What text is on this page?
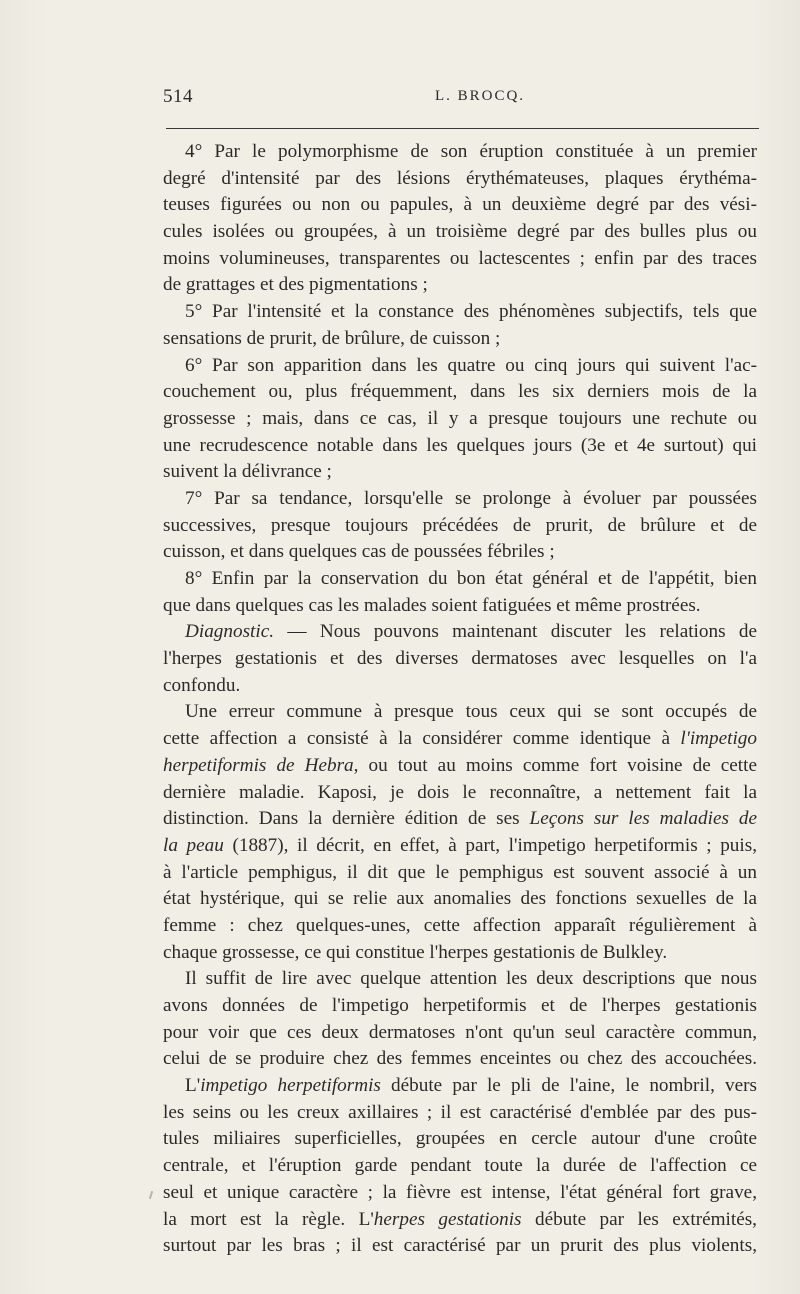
514	L. BROCQ.
4° Par le polymorphisme de son éruption constituée à un premier
degré d'intensité par des lésions érythémateuses, plaques érythéma-
teuses figurées ou non ou papules, à un deuxième degré par des vési-
cules isolées ou groupées, à un troisième degré par des bulles plus ou
moins volumineuses, transparentes ou lactescentes ; enfin par des traces
de grattages et des pigmentations ;
5° Par l'intensité et la constance des phénomènes subjectifs, tels que
sensations de prurit, de brûlure, de cuisson ;
6° Par son apparition dans les quatre ou cinq jours qui suivent l'ac-
couchement ou, plus fréquemment, dans les six derniers mois de la
grossesse ; mais, dans ce cas, il y a presque toujours une rechute ou
une recrudescence notable dans les quelques jours (3e et 4e surtout) qui
suivent la délivrance ;
7° Par sa tendance, lorsqu'elle se prolonge à évoluer par poussées
successives, presque toujours précédées de prurit, de brûlure et de
cuisson, et dans quelques cas de poussées fébriles ;
8° Enfin par la conservation du bon état général et de l'appétit, bien
que dans quelques cas les malades soient fatiguées et même prostrées.
Diagnostic. — Nous pouvons maintenant discuter les relations de
l'herpes gestationis et des diverses dermatoses avec lesquelles on l'a
confondu.
Une erreur commune à presque tous ceux qui se sont occupés de
cette affection a consisté à la considérer comme identique à l'impetigo
herpetiformis de Hebra, ou tout au moins comme fort voisine de cette
dernière maladie. Kaposi, je dois le reconnaître, a nettement fait la
distinction. Dans la dernière édition de ses Leçons sur les maladies de
la peau (1887), il décrit, en effet, à part, l'impetigo herpetiformis ; puis,
à l'article pemphigus, il dit que le pemphigus est souvent associé à un
état hystérique, qui se relie aux anomalies des fonctions sexuelles de la
femme : chez quelques-unes, cette affection apparaît régulièrement à
chaque grossesse, ce qui constitue l'herpes gestationis de Bulkley.
Il suffit de lire avec quelque attention les deux descriptions que nous
avons données de l'impetigo herpetiformis et de l'herpes gestationis
pour voir que ces deux dermatoses n'ont qu'un seul caractère commun,
celui de se produire chez des femmes enceintes ou chez des accouchées.
L'impetigo herpetiformis débute par le pli de l'aine, le nombril, vers
les seins ou les creux axillaires ; il est caractérisé d'emblée par des pus-
tules miliaires superficielles, groupées en cercle autour d'une croûte
centrale, et l'éruption garde pendant toute la durée de l'affection ce
seul et unique caractère ; la fièvre est intense, l'état général fort grave,
la mort est la règle. L'herpes gestationis débute par les extrémités,
surtout par les bras ; il est caractérisé par un prurit des plus violents,
